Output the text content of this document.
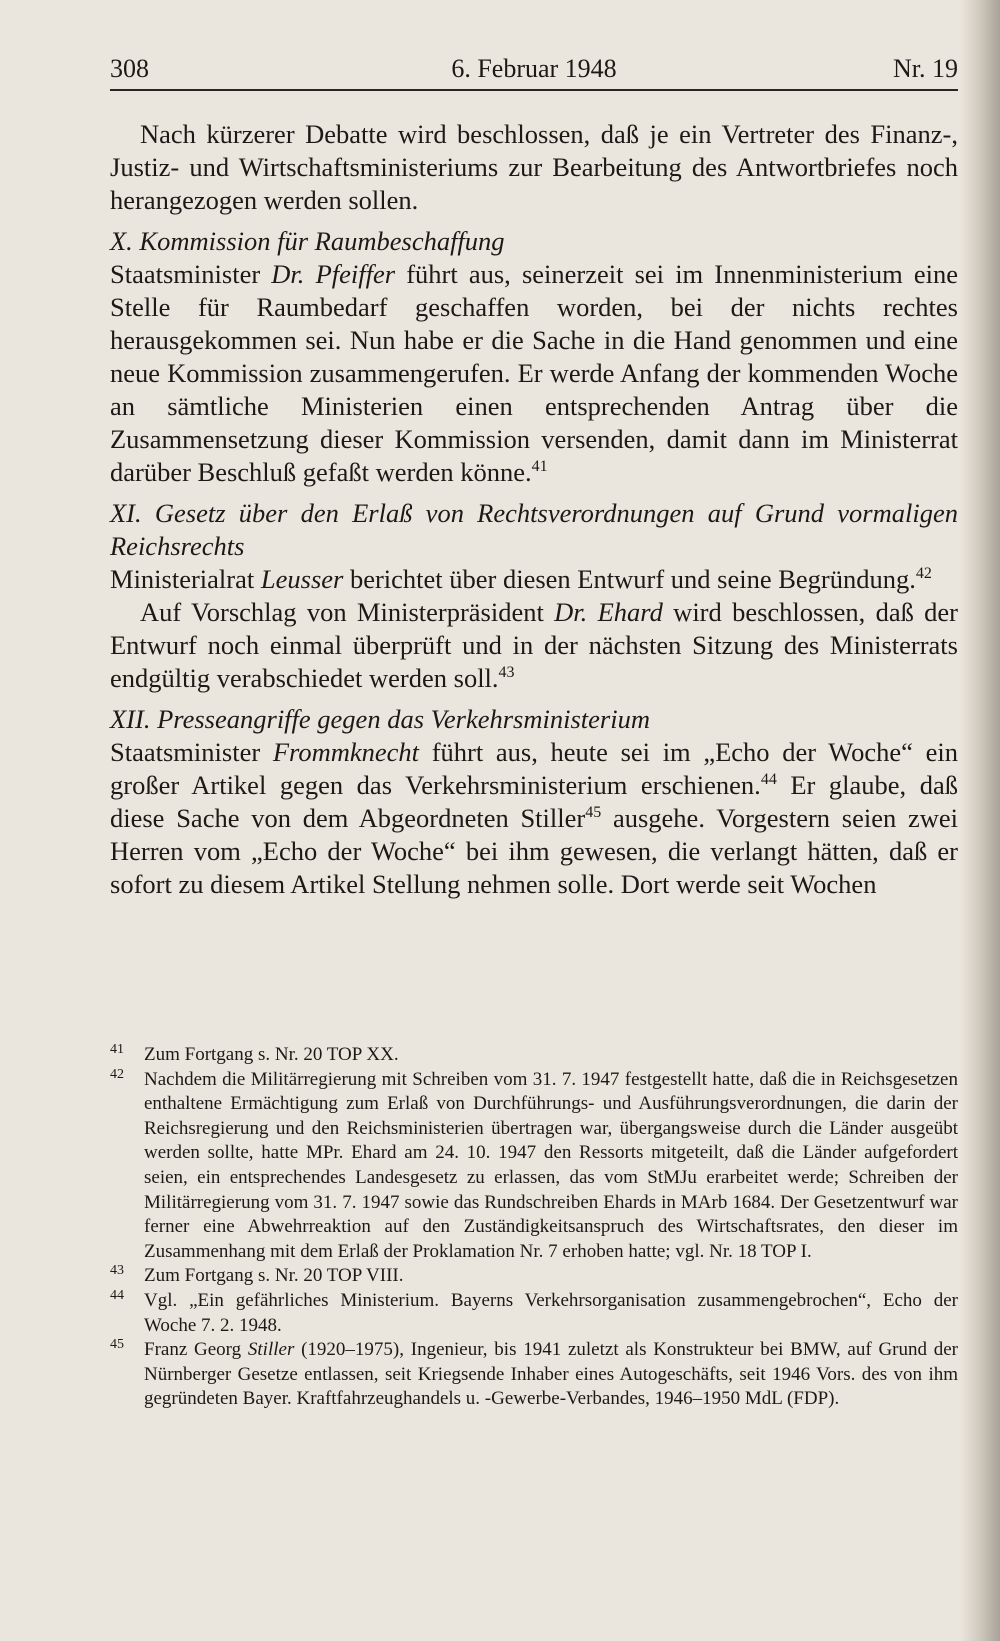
308	6. Februar 1948	Nr. 19

Nach kürzerer Debatte wird beschlossen, daß je ein Vertreter des Finanz-, Justiz- und Wirtschaftsministeriums zur Bearbeitung des Antwortbriefes noch herangezogen werden sollen.

X. Kommission für Raumbeschaffung

Staatsminister Dr. Pfeiffer führt aus, seinerzeit sei im Innenministerium eine Stelle für Raumbedarf geschaffen worden, bei der nichts rechtes herausgekommen sei. Nun habe er die Sache in die Hand genommen und eine neue Kommission zusammengerufen. Er werde Anfang der kommenden Woche an sämtliche Ministerien einen entsprechenden Antrag über die Zusammensetzung dieser Kommission versenden, damit dann im Ministerrat darüber Beschluß gefaßt werden könne.$^{41}$

XI. Gesetz über den Erlaß von Rechtsverordnungen auf Grund vormaligen Reichsrechts

Ministerialrat Leusser berichtet über diesen Entwurf und seine Begründung.$^{42}$

Auf Vorschlag von Ministerpräsident Dr. Ehard wird beschlossen, daß der Entwurf noch einmal überprüft und in der nächsten Sitzung des Ministerrats endgültig verabschiedet werden soll.$^{43}$

XII. Presseangriffe gegen das Verkehrsministerium

Staatsminister Frommknecht führt aus, heute sei im „Echo der Woche“ ein großer Artikel gegen das Verkehrsministerium erschienen.$^{44}$ Er glaube, daß diese Sache von dem Abgeordneten Stiller$^{45}$ ausgehe. Vorgestern seien zwei Herren vom „Echo der Woche“ bei ihm gewesen, die verlangt hätten, daß er sofort zu diesem Artikel Stellung nehmen solle. Dort werde seit Wochen

41 Zum Fortgang s. Nr. 20 TOP XX.
42 Nachdem die Militärregierung mit Schreiben vom 31. 7. 1947 festgestellt hatte, daß die in Reichsgesetzen enthaltene Ermächtigung zum Erlaß von Durchführungs- und Ausführungsverordnungen, die darin der Reichsregierung und den Reichsministerien übertragen war, übergangsweise durch die Länder ausgeübt werden sollte, hatte MPr. Ehard am 24. 10. 1947 den Ressorts mitgeteilt, daß die Länder aufgefordert seien, ein entsprechendes Landesgesetz zu erlassen, das vom StMJu erarbeitet werde; Schreiben der Militärregierung vom 31. 7. 1947 sowie das Rundschreiben Ehards in MArb 1684. Der Gesetzentwurf war ferner eine Abwehrreaktion auf den Zuständigkeitsanspruch des Wirtschaftsrates, den dieser im Zusammenhang mit dem Erlaß der Proklamation Nr. 7 erhoben hatte; vgl. Nr. 18 TOP I.
43 Zum Fortgang s. Nr. 20 TOP VIII.
44 Vgl. „Ein gefährliches Ministerium. Bayerns Verkehrsorganisation zusammengebrochen“, Echo der Woche 7. 2. 1948.
45 Franz Georg Stiller (1920–1975), Ingenieur, bis 1941 zuletzt als Konstrukteur bei BMW, auf Grund der Nürnberger Gesetze entlassen, seit Kriegsende Inhaber eines Autogeschäfts, seit 1946 Vors. des von ihm gegründeten Bayer. Kraftfahrzeughandels u. -Gewerbe-Verbandes, 1946–1950 MdL (FDP).
